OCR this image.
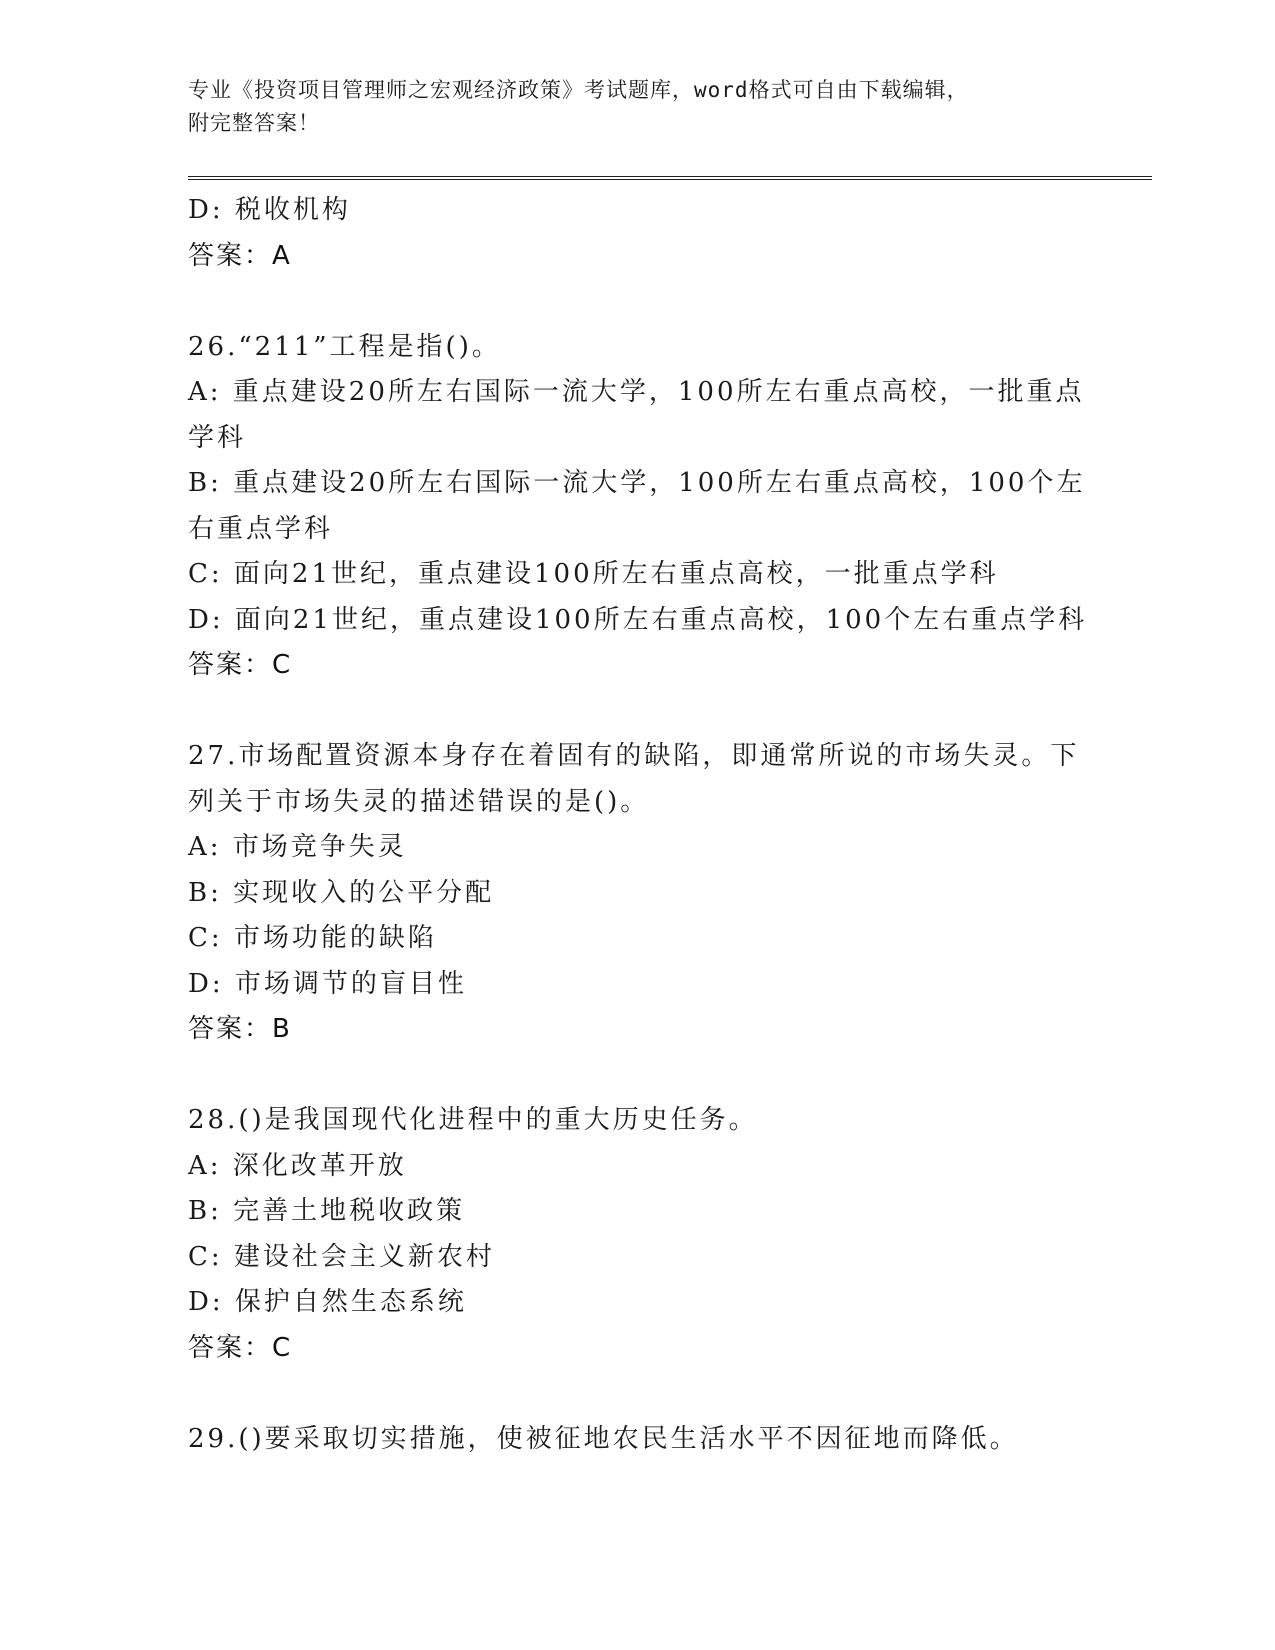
专业《投资项目管理师之宏观经济政策》考试题库，word格式可自由下载编辑，
附完整答案！
D: 税收机构
答案：A
26.“211”工程是指()。
A: 重点建设20所左右国际一流大学，100所左右重点高校，一批重点
学科
B: 重点建设20所左右国际一流大学，100所左右重点高校，100个左
右重点学科
C: 面向21世纪，重点建设100所左右重点高校，一批重点学科
D: 面向21世纪，重点建设100所左右重点高校，100个左右重点学科
答案：C
27.市场配置资源本身存在着固有的缺陷，即通常所说的市场失灵。下
列关于市场失灵的描述错误的是()。
A: 市场竞争失灵
B: 实现收入的公平分配
C: 市场功能的缺陷
D: 市场调节的盲目性
答案：B
28.()是我国现代化进程中的重大历史任务。
A: 深化改革开放
B: 完善土地税收政策
C: 建设社会主义新农村
D: 保护自然生态系统
答案：C
29.()要采取切实措施，使被征地农民生活水平不因征地而降低。
